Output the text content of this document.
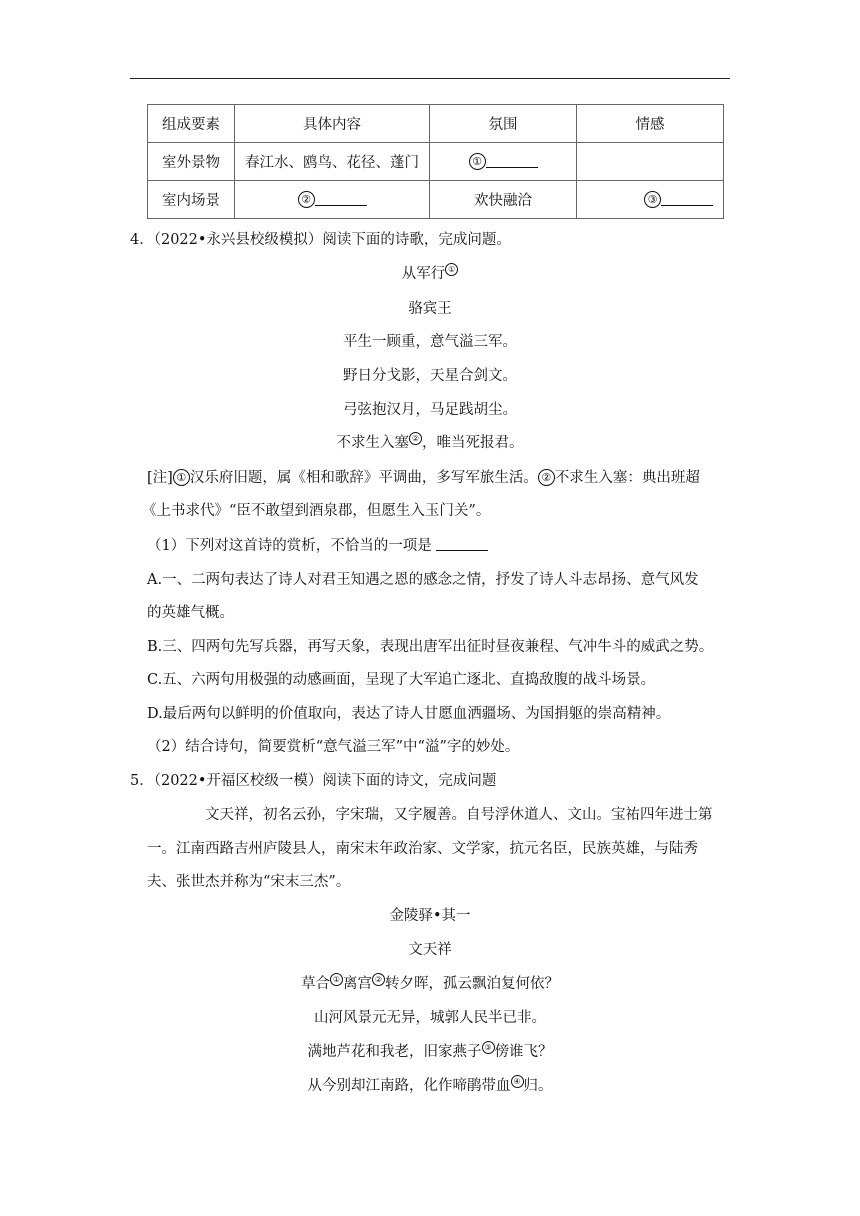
组成要素	具体内容	氛围	情感
室外景物	春江水、鸥鸟、花径、蓬门	①	
室内场景	②	欢快融洽	③
4．（2022•永兴县校级模拟）阅读下面的诗歌，完成问题。
从军行 ①
骆宾王
平生一顾重，意气溢三军。
野日分戈影，天星合剑文。
弓弦抱汉月，马足践胡尘。
不求生入塞 ② ，唯当死报君。
[注] ① 汉乐府旧题，属《相和歌辞》平调曲，多写军旅生活。 ② 不求生入塞：典出班超
《上书求代》“臣不敢望到酒泉郡，但愿生入玉门关”。
（1）下列对这首诗的赏析，不恰当的一项是
A.一、二两句表达了诗人对君王知遇之恩的感念之情，抒发了诗人斗志昂扬、意气风发
的英雄气概。
B.三、四两句先写兵器，再写天象，表现出唐军出征时昼夜兼程、气冲牛斗的威武之势。
C.五、六两句用极强的动感画面，呈现了大军追亡逐北、直捣敌腹的战斗场景。
D.最后两句以鲜明的价值取向，表达了诗人甘愿血洒疆场、为国捐躯的崇高精神。
（2）结合诗句，简要赏析“意气溢三军”中“溢”字的妙处。
5．（2022•开福区校级一模）阅读下面的诗文，完成问题
文天祥，初名云孙，字宋瑞，又字履善。自号浮休道人、文山。宝祐四年进士第
一。江南西路吉州庐陵县人，南宋末年政治家、文学家，抗元名臣，民族英雄，与陆秀
夫、张世杰并称为“宋末三杰”。
金陵驿•其一
文天祥
草合 ① 离宫 ② 转夕晖，孤云飘泊复何依？
山河风景元无异，城郭人民半已非。
满地芦花和我老，旧家燕子 ③ 傍谁飞？
从今别却江南路，化作啼鹃带血 ④ 归。
